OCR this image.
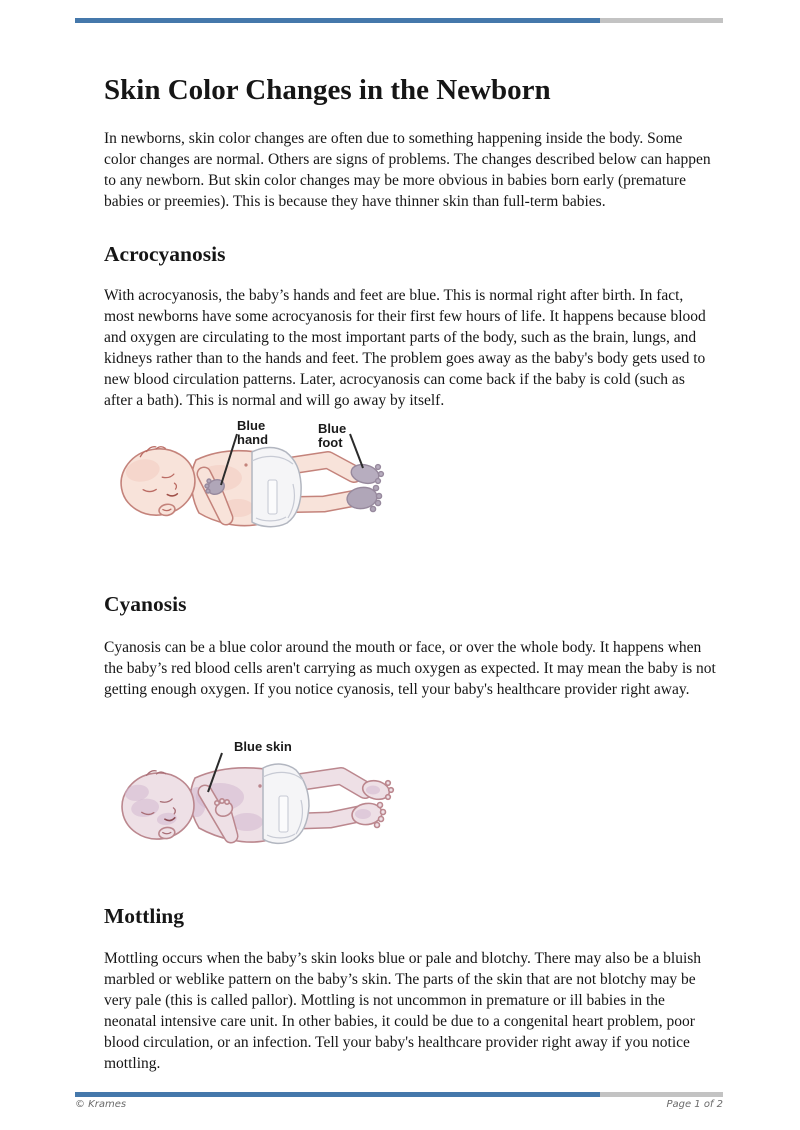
Skin Color Changes in the Newborn

In newborns, skin color changes are often due to something happening inside the body. Some color changes are normal. Others are signs of problems. The changes described below can happen to any newborn. But skin color changes may be more obvious in babies born early (premature babies or preemies). This is because they have thinner skin than full-term babies.

Acrocyanosis

With acrocyanosis, the baby’s hands and feet are blue. This is normal right after birth. In fact, most newborns have some acrocyanosis for their first few hours of life. It happens because blood and oxygen are circulating to the most important parts of the body, such as the brain, lungs, and kidneys rather than to the hands and feet. The problem goes away as the baby's body gets used to new blood circulation patterns. Later, acrocyanosis can come back if the baby is cold (such as after a bath). This is normal and will go away by itself.

Blue hand
Blue foot
Cyanosis

Cyanosis can be a blue color around the mouth or face, or over the whole body. It happens when the baby’s red blood cells aren't carrying as much oxygen as expected. It may mean the baby is not getting enough oxygen. If you notice cyanosis, tell your baby's healthcare provider right away.

Blue skin
Mottling

Mottling occurs when the baby’s skin looks blue or pale and blotchy. There may also be a bluish marbled or weblike pattern on the baby’s skin. The parts of the skin that are not blotchy may be very pale (this is called pallor). Mottling is not uncommon in premature or ill babies in the neonatal intensive care unit. In other babies, it could be due to a congenital heart problem, poor blood circulation, or an infection. Tell your baby's healthcare provider right away if you notice mottling.

© Krames	Page 1 of 2
